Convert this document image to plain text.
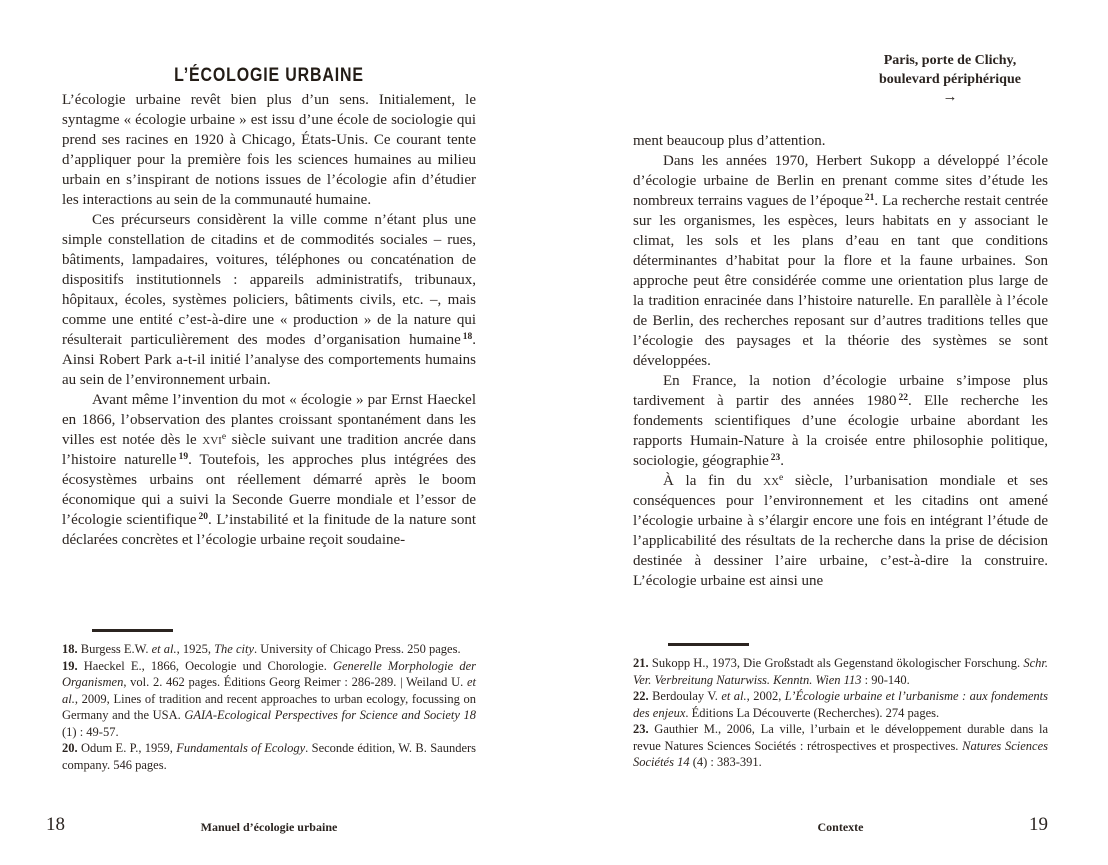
L’ÉCOLOGIE URBAINE

L’écologie urbaine revêt bien plus d’un sens. Initialement, le syntagme « écologie urbaine » est issu d’une école de sociologie qui prend ses racines en 1920 à Chicago, États-Unis. Ce courant tente d’appliquer pour la première fois les sciences humaines au milieu urbain en s’inspirant de notions issues de l’écologie afin d’étudier les interactions au sein de la communauté humaine.

Ces précurseurs considèrent la ville comme n’étant plus une simple constellation de citadins et de commodités sociales – rues, bâtiments, lampadaires, voitures, téléphones ou concaténation de dispositifs institutionnels : appareils administratifs, tribunaux, hôpitaux, écoles, systèmes policiers, bâtiments civils, etc. –, mais comme une entité c’est-à-dire une « production » de la nature qui résulterait particulièrement des modes d’organisation humaine $^{18}$. Ainsi Robert Park a-t-il initié l’analyse des comportements humains au sein de l’environnement urbain.

Avant même l’invention du mot « écologie » par Ernst Haeckel en 1866, l’observation des plantes croissant spontanément dans les villes est notée dès le xvi$^e$ siècle suivant une tradition ancrée dans l’histoire naturelle $^{19}$. Toutefois, les approches plus intégrées des écosystèmes urbains ont réellement démarré après le boom économique qui a suivi la Seconde Guerre mondiale et l’essor de l’écologie scientifique $^{20}$. L’instabilité et la finitude de la nature sont déclarées concrètes et l’écologie urbaine reçoit soudaine-

18. Burgess E.W. et al., 1925, The city. University of Chicago Press. 250 pages.

19. Haeckel E., 1866, Oecologie und Chorologie. Generelle Morphologie der Organismen, vol. 2. 462 pages. Éditions Georg Reimer : 286-289. | Weiland U. et al., 2009, Lines of tradition and recent approaches to urban ecology, focussing on Germany and the USA. GAIA-Ecological Perspectives for Science and Society 18 (1) : 49-57.

20. Odum E. P., 1959, Fundamentals of Ecology. Seconde édition, W. B. Saunders company. 546 pages.

18	Manuel d’écologie urbaine
Paris, porte de Clichy,
boulevard périphérique
→

ment beaucoup plus d’attention.

Dans les années 1970, Herbert Sukopp a développé l’école d’écologie urbaine de Berlin en prenant comme sites d’étude les nombreux terrains vagues de l’époque $^{21}$. La recherche restait centrée sur les organismes, les espèces, leurs habitats en y associant le climat, les sols et les plans d’eau en tant que conditions déterminantes d’habitat pour la flore et la faune urbaines. Son approche peut être considérée comme une orientation plus large de la tradition enracinée dans l’histoire naturelle. En parallèle à l’école de Berlin, des recherches reposant sur d’autres traditions telles que l’écologie des paysages et la théorie des systèmes se sont développées.

En France, la notion d’écologie urbaine s’impose plus tardivement à partir des années 1980 $^{22}$. Elle recherche les fondements scientifiques d’une écologie urbaine abordant les rapports Humain-Nature à la croisée entre philosophie politique, sociologie, géographie $^{23}$.

À la fin du $xx^e$ siècle, l’urbanisation mondiale et ses conséquences pour l’environnement et les citadins ont amené l’écologie urbaine à s’élargir encore une fois en intégrant l’étude de l’applicabilité des résultats de la recherche dans la prise de décision destinée à dessiner l’aire urbaine, c’est-à-dire la construire. L’écologie urbaine est ainsi une

21. Sukopp H., 1973, Die Großstadt als Gegenstand ökologischer Forschung. Schr. Ver. Verbreitung Naturwiss. Kenntn. Wien 113 : 90-140.

22. Berdoulay V. et al., 2002, L’Écologie urbaine et l’urbanisme : aux fondements des enjeux. Éditions La Découverte (Recherches). 274 pages.

23. Gauthier M., 2006, La ville, l’urbain et le développement durable dans la revue Natures Sciences Sociétés : rétrospectives et prospectives. Natures Sciences Sociétés 14 (4) : 383-391.

Contexte	19
